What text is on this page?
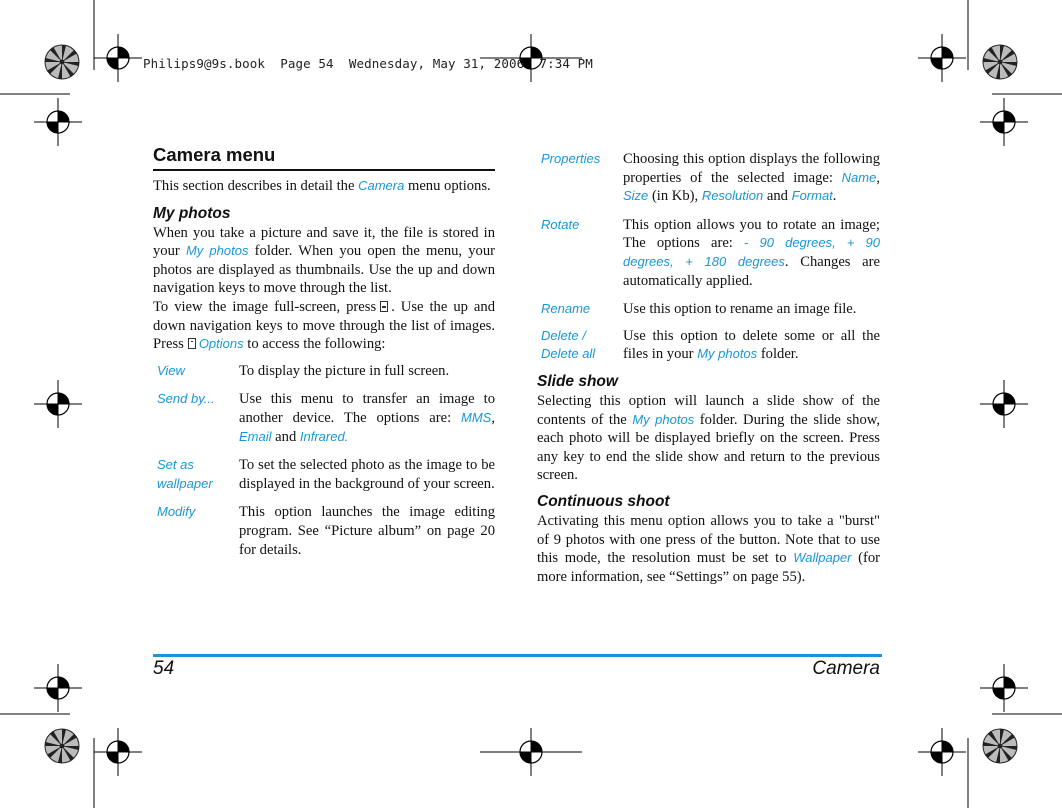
Philips9@9s.book  Page 54  Wednesday, May 31, 2006  7:34 PM
Camera menu

This section describes in detail the Camera menu options.

My photos

When you take a picture and save it, the file is stored in your My photos folder. When you open the menu, your photos are displayed as thumbnails. Use the up and down navigation keys to move through the list.

To view the image full-screen, press . Use the up and down navigation keys to move through the list of images. Press Options to access the following:

View	To display the picture in full screen.

Send by...	Use this menu to transfer an image to another device. The options are: MMS, Email and Infrared.

Set as wallpaper	To set the selected photo as the image to be displayed in the background of your screen.

Modify	This option launches the image editing program. See “Picture album” on page 20 for details.
Properties	Choosing this option displays the following properties of the selected image: Name, Size (in Kb), Resolution and Format.

Rotate	This option allows you to rotate an image; The options are: - 90 degrees, + 90 degrees, + 180 degrees. Changes are automatically applied.

Rename	Use this option to rename an image file.

Delete / Delete all	Use this option to delete some or all the files in your My photos folder.
Slide show

Selecting this option will launch a slide show of the contents of the My photos folder. During the slide show, each photo will be displayed briefly on the screen. Press any key to end the slide show and return to the previous screen.

Continuous shoot

Activating this menu option allows you to take a "burst" of 9 photos with one press of the button. Note that to use this mode, the resolution must be set to Wallpaper (for more information, see “Settings” on page 55).

54	Camera
